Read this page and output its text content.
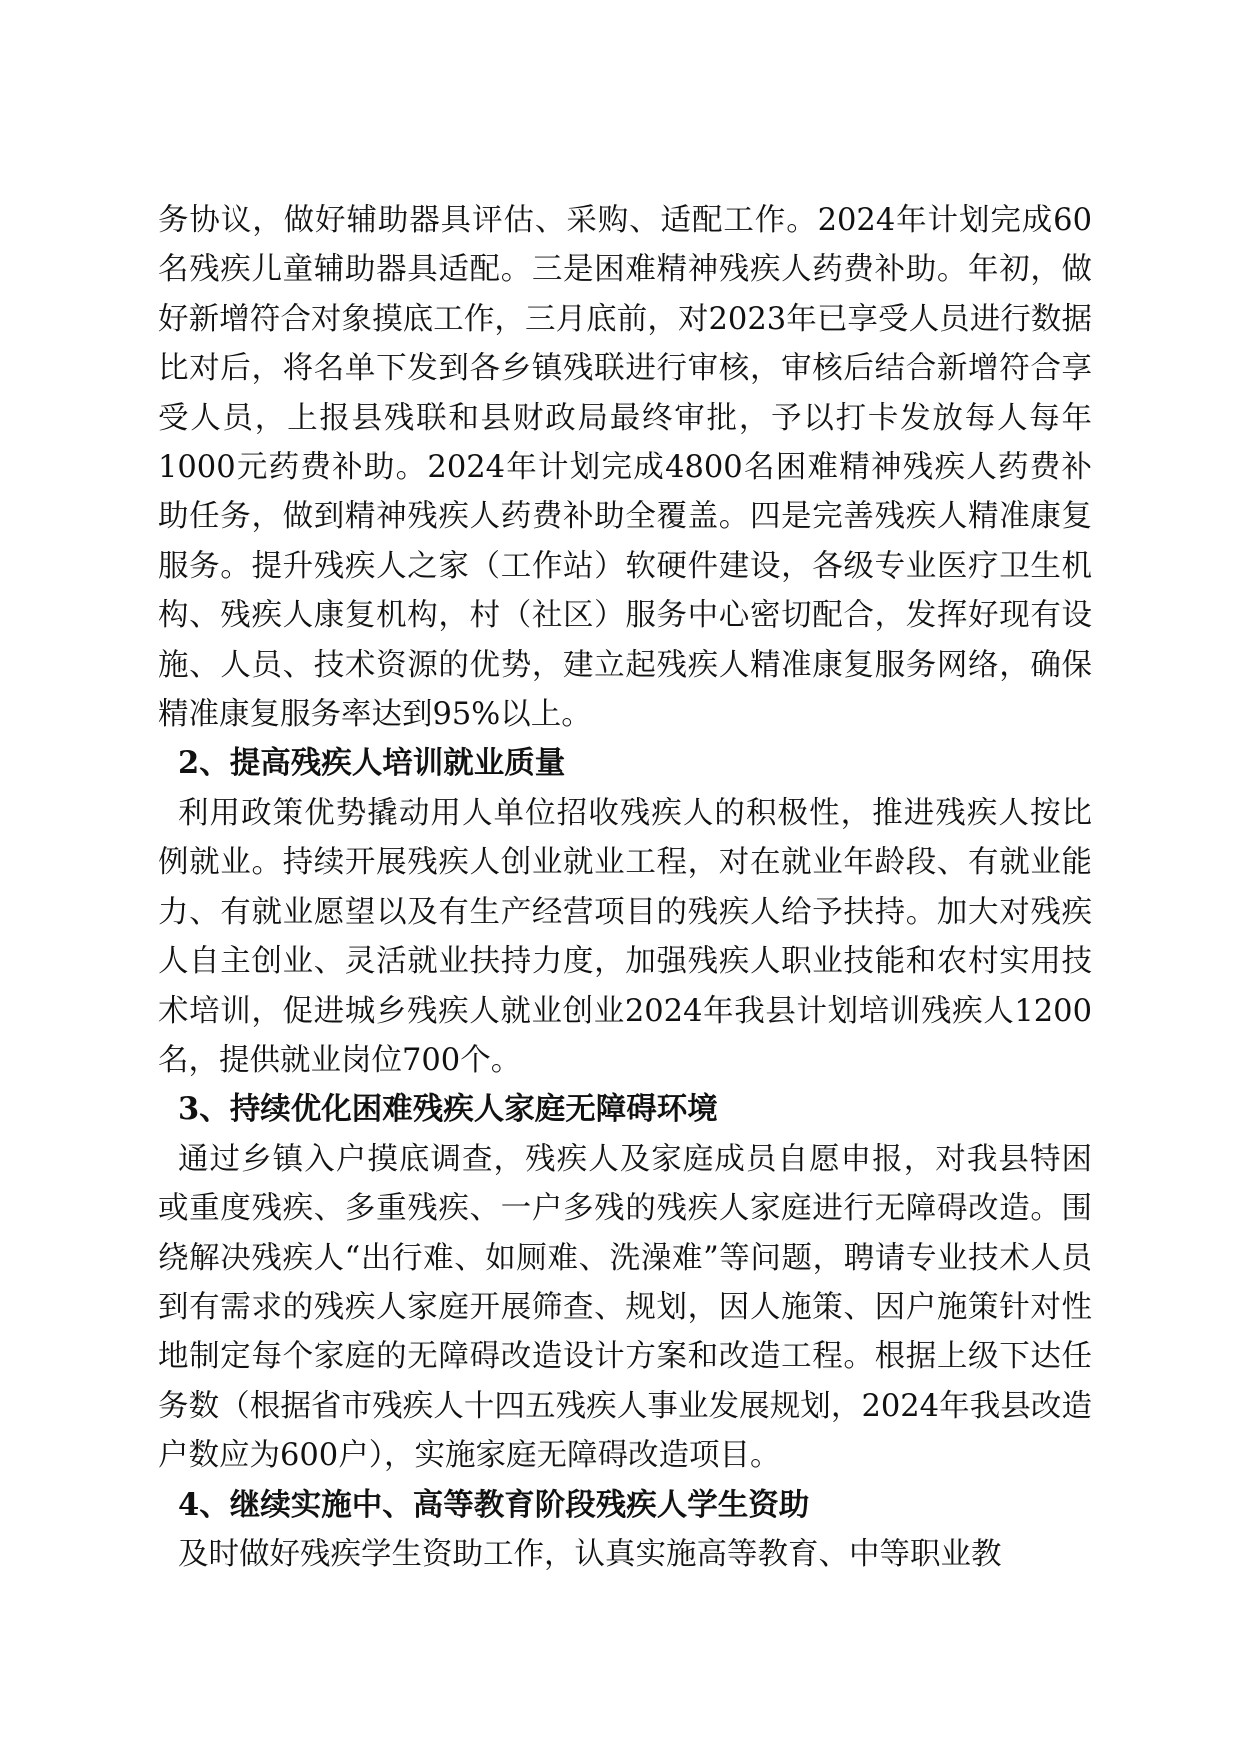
务协议，做好辅助器具评估、采购、适配工作。2024年计划完成60名残疾儿童辅助器具适配。三是困难精神残疾人药费补助。年初，做好新增符合对象摸底工作，三月底前，对2023年已享受人员进行数据比对后，将名单下发到各乡镇残联进行审核，审核后结合新增符合享受人员，上报县残联和县财政局最终审批，予以打卡发放每人每年1000元药费补助。2024年计划完成4800名困难精神残疾人药费补助任务，做到精神残疾人药费补助全覆盖。四是完善残疾人精准康复服务。提升残疾人之家（工作站）软硬件建设，各级专业医疗卫生机构、残疾人康复机构，村（社区）服务中心密切配合，发挥好现有设施、人员、技术资源的优势，建立起残疾人精准康复服务网络，确保精准康复服务率达到95%以上。

2、提高残疾人培训就业质量

利用政策优势撬动用人单位招收残疾人的积极性，推进残疾人按比例就业。持续开展残疾人创业就业工程，对在就业年龄段、有就业能力、有就业愿望以及有生产经营项目的残疾人给予扶持。加大对残疾人自主创业、灵活就业扶持力度，加强残疾人职业技能和农村实用技术培训，促进城乡残疾人就业创业2024年我县计划培训残疾人1200名，提供就业岗位700个。

3、持续优化困难残疾人家庭无障碍环境

通过乡镇入户摸底调查，残疾人及家庭成员自愿申报，对我县特困或重度残疾、多重残疾、一户多残的残疾人家庭进行无障碍改造。围绕解决残疾人“出行难、如厕难、洗澡难”等问题，聘请专业技术人员到有需求的残疾人家庭开展筛查、规划，因人施策、因户施策针对性地制定每个家庭的无障碍改造设计方案和改造工程。根据上级下达任务数（根据省市残疾人十四五残疾人事业发展规划，2024年我县改造户数应为600户），实施家庭无障碍改造项目。

4、继续实施中、高等教育阶段残疾人学生资助

及时做好残疾学生资助工作，认真实施高等教育、中等职业教
